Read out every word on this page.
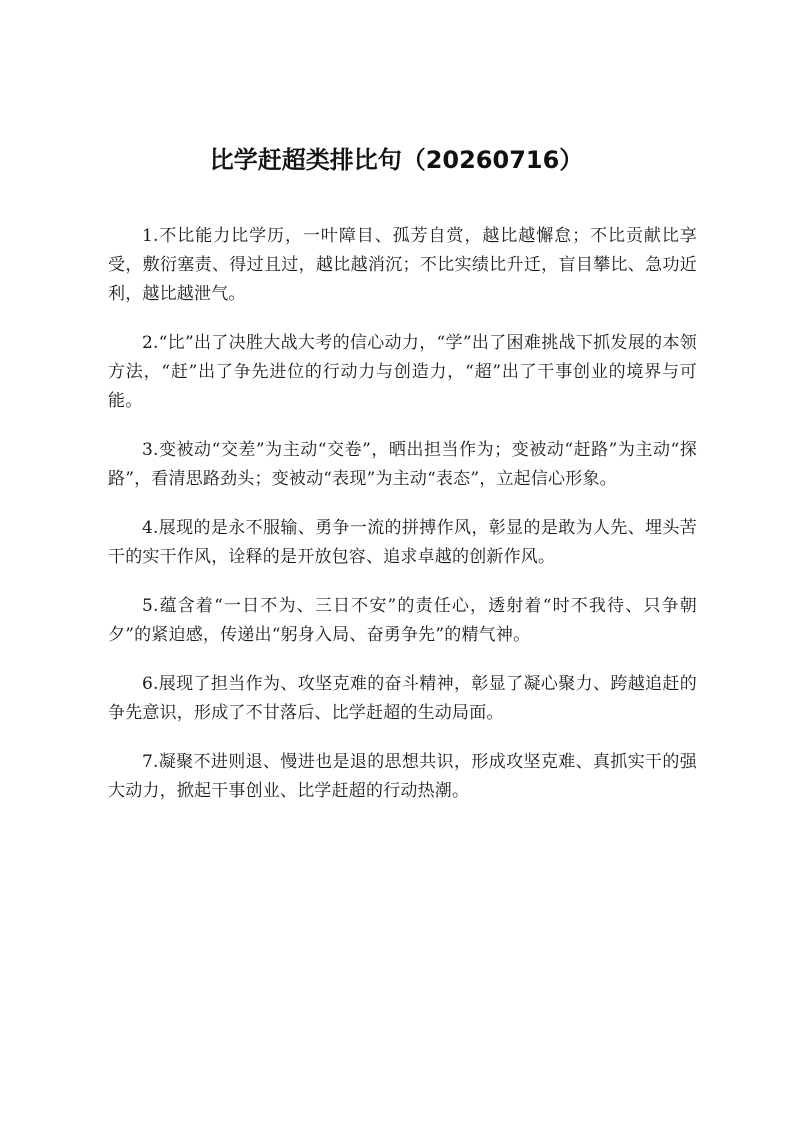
比学赶超类排比句（20260716）

1.不比能力比学历，一叶障目、孤芳自赏，越比越懈怠；不比贡献比享受，敷衍塞责、得过且过，越比越消沉；不比实绩比升迁，盲目攀比、急功近利，越比越泄气。

2.“比”出了决胜大战大考的信心动力，“学”出了困难挑战下抓发展的本领方法，“赶”出了争先进位的行动力与创造力，“超”出了干事创业的境界与可能。

3.变被动“交差”为主动“交卷”，晒出担当作为；变被动“赶路”为主动“探路”，看清思路劲头；变被动“表现”为主动“表态”，立起信心形象。

4.展现的是永不服输、勇争一流的拼搏作风，彰显的是敢为人先、埋头苦干的实干作风，诠释的是开放包容、追求卓越的创新作风。

5.蕴含着“一日不为、三日不安”的责任心，透射着“时不我待、只争朝夕”的紧迫感，传递出“躬身入局、奋勇争先”的精气神。

6.展现了担当作为、攻坚克难的奋斗精神，彰显了凝心聚力、跨越追赶的争先意识，形成了不甘落后、比学赶超的生动局面。

7.凝聚不进则退、慢进也是退的思想共识，形成攻坚克难、真抓实干的强大动力，掀起干事创业、比学赶超的行动热潮。
